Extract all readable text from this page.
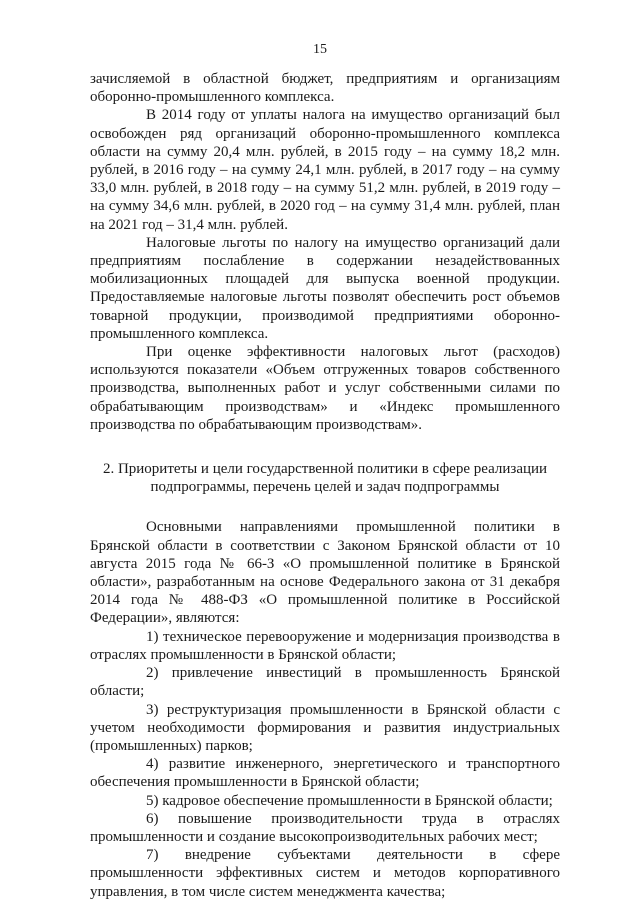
15

зачисляемой в областной бюджет, предприятиям и организациям оборонно-промышленного комплекса.

В 2014 году от уплаты налога на имущество организаций был освобожден ряд организаций оборонно-промышленного комплекса области на сумму 20,4 млн. рублей, в 2015 году – на сумму 18,2 млн. рублей, в 2016 году – на сумму 24,1 млн. рублей, в 2017 году – на сумму 33,0 млн. рублей, в 2018 году – на сумму 51,2 млн. рублей, в 2019 году – на сумму 34,6 млн. рублей, в 2020 год – на сумму 31,4 млн. рублей, план на 2021 год – 31,4 млн. рублей.

Налоговые льготы по налогу на имущество организаций дали предприятиям послабление в содержании незадействованных мобилизационных площадей для выпуска военной продукции. Предоставляемые налоговые льготы позволят обеспечить рост объемов товарной продукции, производимой предприятиями оборонно-промышленного комплекса.

При оценке эффективности налоговых льгот (расходов) используются показатели «Объем отгруженных товаров собственного производства, выполненных работ и услуг собственными силами по обрабатывающим производствам» и «Индекс промышленного производства по обрабатывающим производствам».

2. Приоритеты и цели государственной политики в сфере реализации
подпрограммы, перечень целей и задач подпрограммы

Основными направлениями промышленной политики в Брянской области в соответствии с Законом Брянской области от 10 августа 2015 года № 66-З «О промышленной политике в Брянской области», разработанным на основе Федерального закона от 31 декабря 2014 года № 488-ФЗ «О промышленной политике в Российской Федерации», являются:

1) техническое перевооружение и модернизация производства в отраслях промышленности в Брянской области;

2) привлечение инвестиций в промышленность Брянской области;

3) реструктуризация промышленности в Брянской области с учетом необходимости формирования и развития индустриальных (промышленных) парков;

4) развитие инженерного, энергетического и транспортного обеспечения промышленности в Брянской области;

5) кадровое обеспечение промышленности в Брянской области;

6) повышение производительности труда в отраслях промышленности и создание высокопроизводительных рабочих мест;

7) внедрение субъектами деятельности в сфере промышленности эффективных систем и методов корпоративного управления, в том числе систем менеджмента качества;
